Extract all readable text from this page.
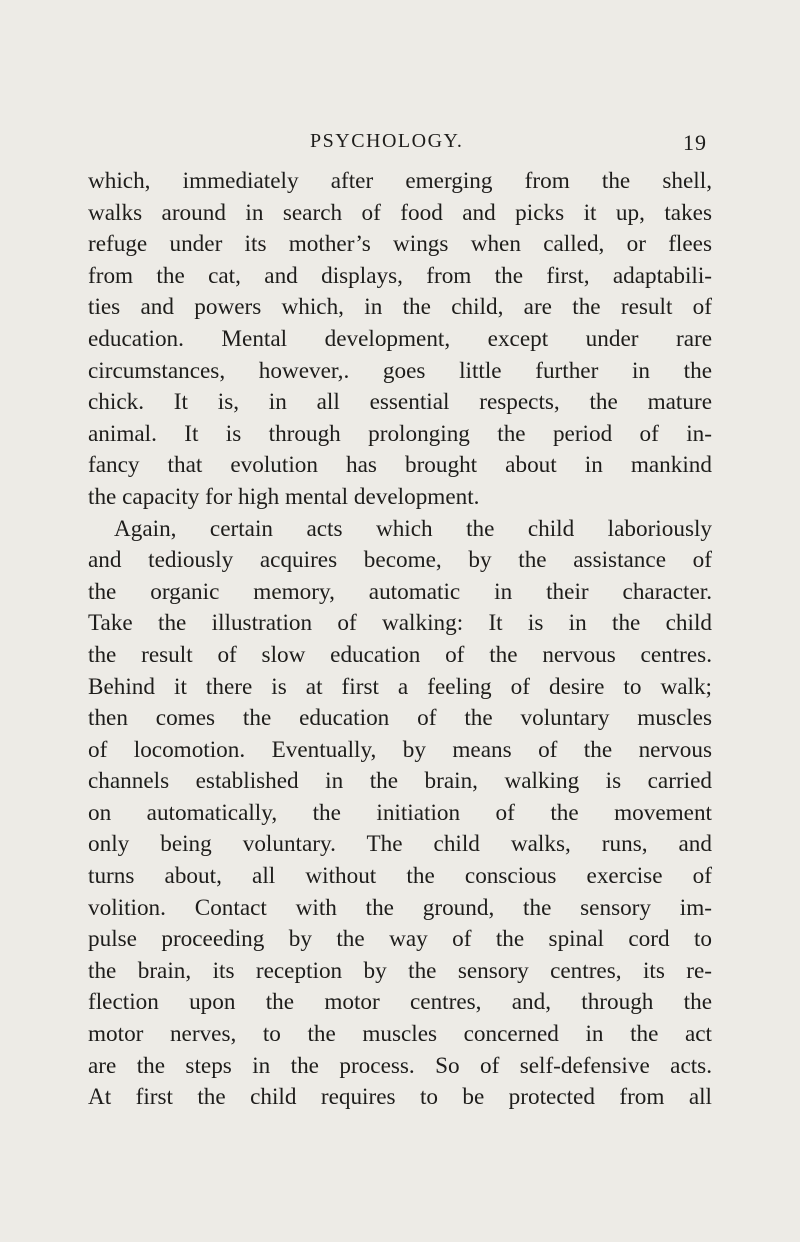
PSYCHOLOGY.	19
which, immediately after emerging from the shell,
walks around in search of food and picks it up, takes
refuge under its mother’s wings when called, or flees
from the cat, and displays, from the first, adaptabili-
ties and powers which, in the child, are the result of
education. Mental development, except under rare
circumstances, however,. goes little further in the
chick. It is, in all essential respects, the mature
animal. It is through prolonging the period of in-
fancy that evolution has brought about in mankind
the capacity for high mental development.
Again, certain acts which the child laboriously
and tediously acquires become, by the assistance of
the organic memory, automatic in their character.
Take the illustration of walking: It is in the child
the result of slow education of the nervous centres.
Behind it there is at first a feeling of desire to walk;
then comes the education of the voluntary muscles
of locomotion. Eventually, by means of the nervous
channels established in the brain, walking is carried
on automatically, the initiation of the movement
only being voluntary. The child walks, runs, and
turns about, all without the conscious exercise of
volition. Contact with the ground, the sensory im-
pulse proceeding by the way of the spinal cord to
the brain, its reception by the sensory centres, its re-
flection upon the motor centres, and, through the
motor nerves, to the muscles concerned in the act
are the steps in the process. So of self-defensive acts.
At first the child requires to be protected from all
